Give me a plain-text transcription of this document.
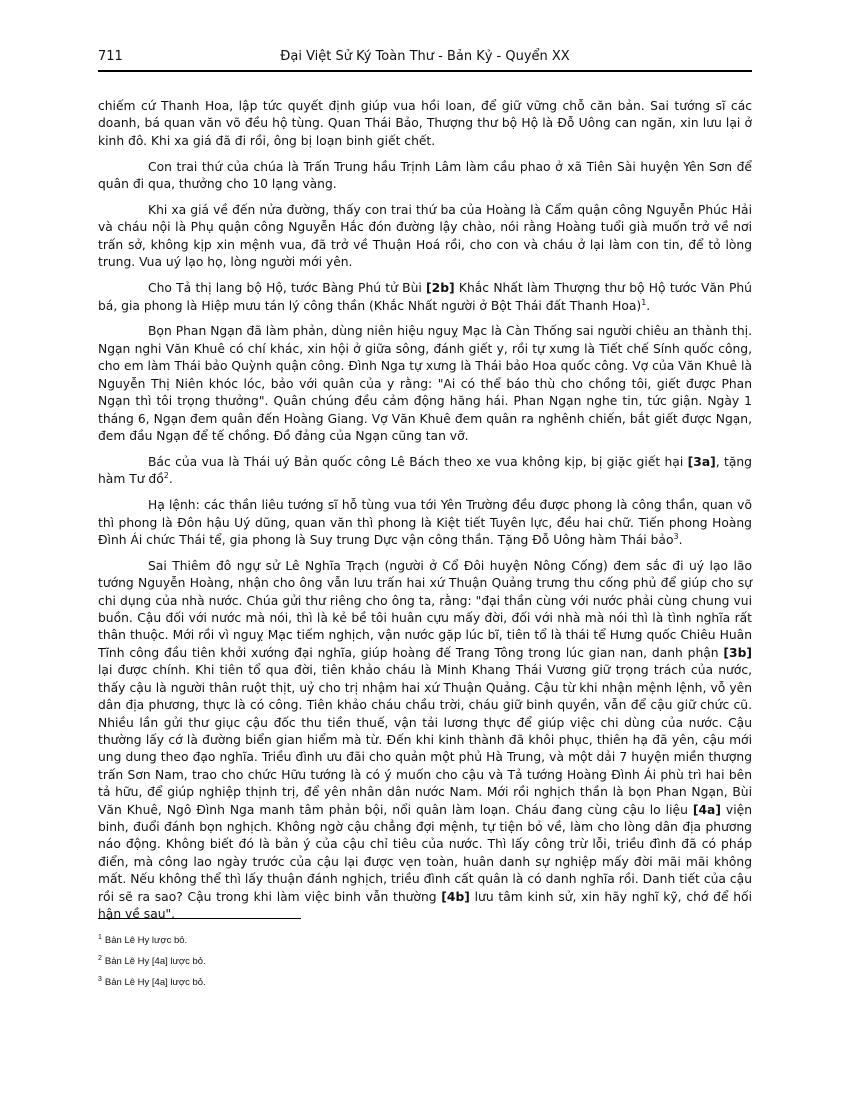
711	Đại Việt Sử Ký Toàn Thư - Bản Kỷ - Quyển XX

chiếm cứ Thanh Hoa, lập tức quyết định giúp vua hồi loan, để giữ vững chỗ căn bản. Sai tướng sĩ các doanh, bá quan văn võ đều hộ tùng. Quan Thái Bảo, Thượng thư bộ Hộ là Đỗ Uông can ngăn, xin lưu lại ở kinh đô. Khi xa giá đã đi rồi, ông bị loạn binh giết chết.

Con trai thứ của chúa là Trấn Trung hầu Trịnh Lâm làm cầu phao ở xã Tiên Sài huyện Yên Sơn để quân đi qua, thưởng cho 10 lạng vàng.

Khi xa giá về đến nửa đường, thấy con trai thứ ba của Hoàng là Cẩm quận công Nguyễn Phúc Hải và cháu nội là Phụ quận công Nguyễn Hắc đón đường lậy chào, nói rằng Hoàng tuổi già muốn trở về nơi trấn sở, không kịp xin mệnh vua, đã trở về Thuận Hoá rồi, cho con và cháu ở lại làm con tin, để tỏ lòng trung. Vua uý lạo họ, lòng người mới yên.

Cho Tả thị lang bộ Hộ, tước Bàng Phú tử Bùi [2b] Khắc Nhất làm Thượng thư bộ Hộ tước Văn Phú bá, gia phong là Hiệp mưu tán lý công thần (Khắc Nhất người ở Bột Thái đất Thanh Hoa)$^1$.

Bọn Phan Ngạn đã làm phản, dùng niên hiệu nguỵ Mạc là Càn Thống sai người chiêu an thành thị. Ngạn nghi Văn Khuê có chí khác, xin hội ở giữa sông, đánh giết y, rồi tự xưng là Tiết chế Sính quốc công, cho em làm Thái bảo Quỳnh quận công. Đình Nga tự xưng là Thái bảo Hoa quốc công. Vợ của Văn Khuê là Nguyễn Thị Niên khóc lóc, bảo với quân của y rằng: "Ai có thể báo thù cho chồng tôi, giết được Phan Ngạn thì tôi trọng thưởng". Quân chúng đều cảm động hăng hái. Phan Ngạn nghe tin, tức giận. Ngày 1 tháng 6, Ngạn đem quân đến Hoàng Giang. Vợ Văn Khuê đem quân ra nghênh chiến, bắt giết được Ngạn, đem đầu Ngạn để tế chồng. Đồ đảng của Ngạn cũng tan vỡ.

Bác của vua là Thái uý Bản quốc công Lê Bách theo xe vua không kịp, bị giặc giết hại [3a], tặng hàm Tư đồ$^2$.

Hạ lệnh: các thần liêu tướng sĩ hỗ tùng vua tới Yên Trường đều được phong là công thần, quan võ thì phong là Đôn hậu Uý dũng, quan văn thì phong là Kiệt tiết Tuyên lực, đều hai chữ. Tiến phong Hoàng Đình Ái chức Thái tể, gia phong là Suy trung Dực vận công thần. Tặng Đỗ Uông hàm Thái bảo$^3$.

Sai Thiêm đô ngự sử Lê Nghĩa Trạch (người ở Cổ Đôi huyện Nông Cống) đem sắc đi uý lạo lão tướng Nguyễn Hoàng, nhận cho ông vẫn lưu trấn hai xứ Thuận Quảng trưng thu cống phủ để giúp cho sự chi dụng của nhà nước. Chúa gửi thư riêng cho ông ta, rằng: "đại thần cùng với nước phải cùng chung vui buồn. Cậu đối với nước mà nói, thì là kẻ bề tôi huân cựu mấy đời, đối với nhà mà nói thì là tình nghĩa rất thân thuộc. Mới rồi vì nguỵ Mạc tiếm nghịch, vận nước gặp lúc bĩ, tiên tổ là thái tể Hưng quốc Chiêu Huân Tĩnh công đầu tiên khởi xướng đại nghĩa, giúp hoàng đế Trang Tông trong lúc gian nan, danh phận [3b] lại được chính. Khi tiên tổ qua đời, tiên khảo cháu là Minh Khang Thái Vương giữ trọng trách của nước, thấy cậu là người thân ruột thịt, uỷ cho trị nhậm hai xứ Thuận Quảng. Cậu từ khi nhận mệnh lệnh, vỗ yên dân địa phương, thực là có công. Tiên khảo cháu chầu trời, cháu giữ binh quyền, vẫn để cậu giữ chức cũ. Nhiều lần gửi thư giục cậu đốc thu tiền thuế, vận tải lương thực để giúp việc chi dùng của nước. Cậu thường lấy cớ là đường biển gian hiểm mà từ. Đến khi kinh thành đã khôi phục, thiên hạ đã yên, cậu mới ung dung theo đạo nghĩa. Triều đình ưu đãi cho quản một phủ Hà Trung, và một dải 7 huyện miền thượng trấn Sơn Nam, trao cho chức Hữu tướng là có ý muốn cho cậu và Tả tướng Hoàng Đình Ái phù trì hai bên tả hữu, để giúp nghiệp thịnh trị, để yên nhân dân nước Nam. Mới rồi nghịch thần là bọn Phan Ngạn, Bùi Văn Khuê, Ngô Đình Nga manh tâm phản bội, nổi quân làm loạn. Cháu đang cùng cậu lo liệu [4a] viện binh, đuổi đánh bọn nghịch. Không ngờ cậu chẳng đợi mệnh, tự tiện bỏ về, làm cho lòng dân địa phương náo động. Không biết đó là bản ý của cậu chỉ tiêu của nước. Thì lấy công trừ lỗi, triều đình đã có pháp điển, mà công lao ngày trước của cậu lại được vẹn toàn, huân danh sự nghiệp mấy đời mãi mãi không mất. Nếu không thể thì lấy thuận đánh nghịch, triều đình cất quân là có danh nghĩa rồi. Danh tiết của cậu rồi sẽ ra sao? Cậu trong khi làm việc binh vẫn thường [4b] lưu tâm kinh sử, xin hãy nghĩ kỹ, chớ để hối hận về sau".

$^1$ Bản Lê Hy lược bỏ.
$^2$ Bản Lê Hy [4a] lược bỏ.
$^3$ Bản Lê Hy [4a] lược bỏ.
